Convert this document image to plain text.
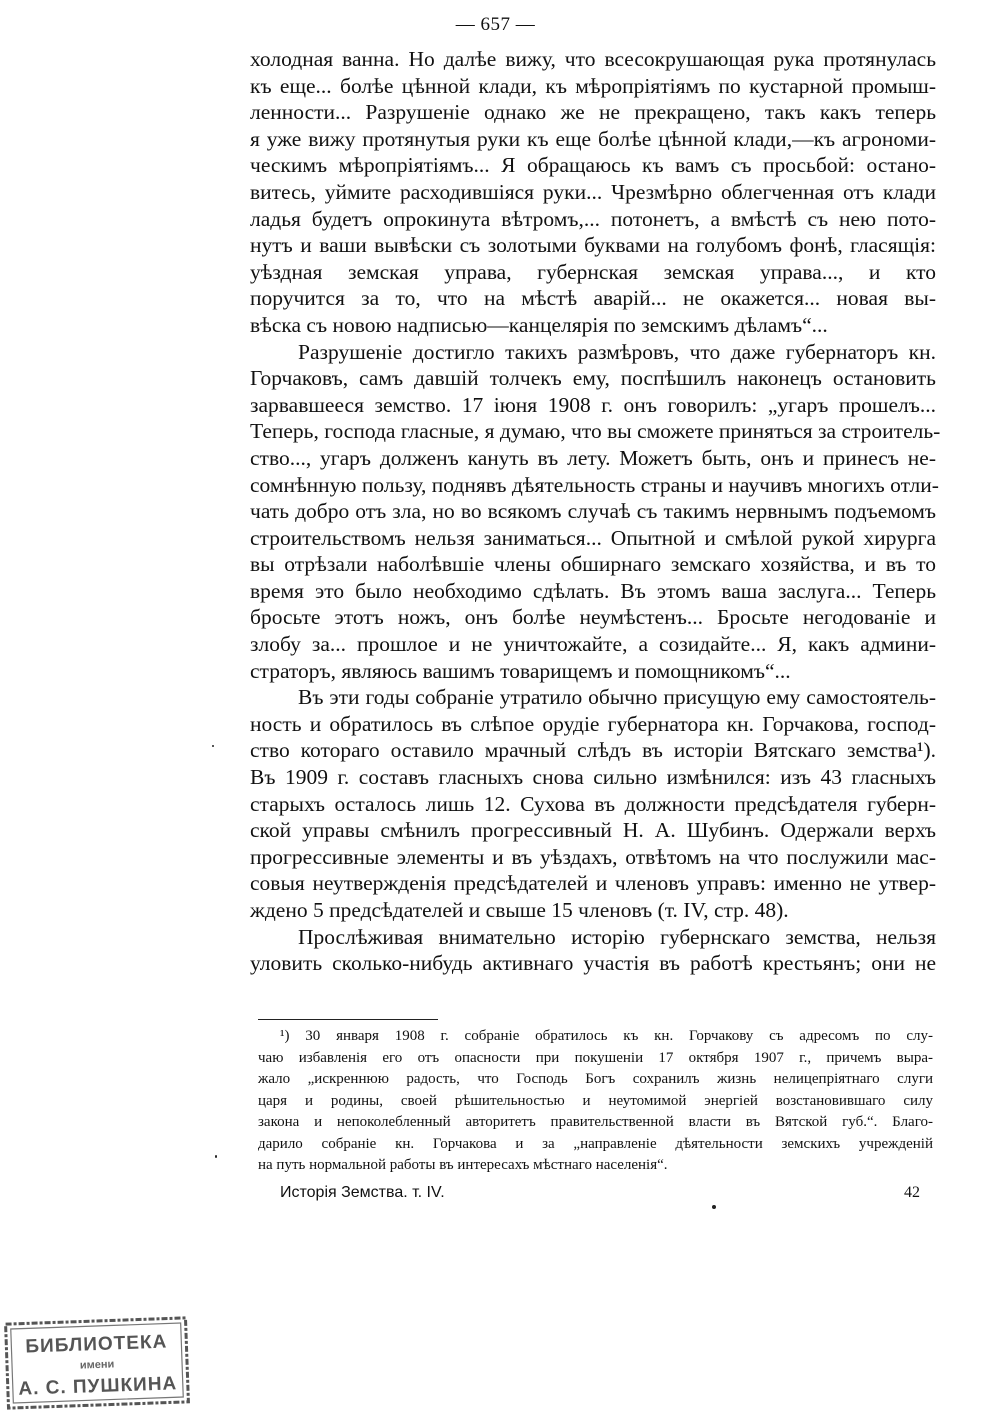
— 657 —

холодная ванна. Но далѣе вижу, что всесокрушающая рука протянулась
къ еще... болѣе цѣнной клади, къ мѣропріятіямъ по кустарной промыш-
ленности... Разрушеніе однако же не прекращено, такъ какъ теперь
я уже вижу протянутыя руки къ еще болѣе цѣнной клади,—къ агрономи-
ческимъ мѣропріятіямъ... Я обращаюсь къ вамъ съ просьбой: остано-
витесь, уймите расходившіяся руки... Чрезмѣрно облегченная отъ клади
ладья будетъ опрокинута вѣтромъ,... потонетъ, а вмѣстѣ съ нею пото-
нутъ и ваши вывѣски съ золотыми буквами на голубомъ фонѣ, гласящія:
уѣздная земская управа, губернская земская управа..., и кто
поручится за то, что на мѣстѣ аварій... не окажется... новая вы-
вѣска съ новою надписью—канцелярія по земскимъ дѣламъ“...

Разрушеніе достигло такихъ размѣровъ, что даже губернаторъ кн.
Горчаковъ, самъ давшій толчекъ ему, поспѣшилъ наконецъ остановить
зарвавшееся земство. 17 іюня 1908 г. онъ говорилъ: „угаръ прошелъ...
Теперь, господа гласные, я думаю, что вы сможете приняться за строитель-
ство..., угаръ долженъ кануть въ лету. Можетъ быть, онъ и принесъ не-
сомнѣнную пользу, поднявъ дѣятельность страны и научивъ многихъ отли-
чать добро отъ зла, но во всякомъ случаѣ съ такимъ нервнымъ подъемомъ
строительствомъ нельзя заниматься... Опытной и смѣлой рукой хирурга
вы отрѣзали наболѣвшіе члены обширнаго земскаго хозяйства, и въ то
время это было необходимо сдѣлать. Въ этомъ ваша заслуга... Теперь
бросьте этотъ ножъ, онъ болѣе неумѣстенъ... Бросьте негодованіе и
злобу за... прошлое и не уничтожайте, а созидайте... Я, какъ админи-
страторъ, являюсь вашимъ товарищемъ и помощникомъ“...

Въ эти годы собраніе утратило обычно присущую ему самостоятель-
ность и обратилось въ слѣпое орудіе губернатора кн. Горчакова, господ-
ство котораго оставило мрачный слѣдъ въ исторіи Вятскаго земства¹).
Въ 1909 г. составъ гласныхъ снова сильно измѣнился: изъ 43 гласныхъ
старыхъ осталось лишь 12. Сухова въ должности предсѣдателя губерн-
ской управы смѣнилъ прогрессивный Н. А. Шубинъ. Одержали верхъ
прогрессивные элементы и въ уѣздахъ, отвѣтомъ на что послужили мас-
совыя неутвержденія предсѣдателей и членовъ управъ: именно не утвер-
ждено 5 предсѣдателей и свыше 15 членовъ (т. IV, стр. 48).

Прослѣживая внимательно исторію губернскаго земства, нельзя
уловить сколько-нибудь активнаго участія въ работѣ крестьянъ; они не

¹) 30 января 1908 г. собраніе обратилось къ кн. Горчакову съ адресомъ по слу-
чаю избавленія его отъ опасности при покушеніи 17 октября 1907 г., причемъ выра-
жало „искреннюю радость, что Господь Богъ сохранилъ жизнь нелицепріятнаго слуги
царя и родины, своей рѣшительностью и неутомимой энергіей возстановившаго силу
закона и непоколебленный авторитетъ правительственной власти въ Вятской губ.“. Благо-
дарило собраніе кн. Горчакова и за „направленіе дѣятельности земскихъ учрежденій
на путь нормальной работы въ интересахъ мѣстнаго населенія“.
Исторія Земства. т. IV.	42
БИБЛИОТЕКА
имени
А. С. ПУШКИНА
